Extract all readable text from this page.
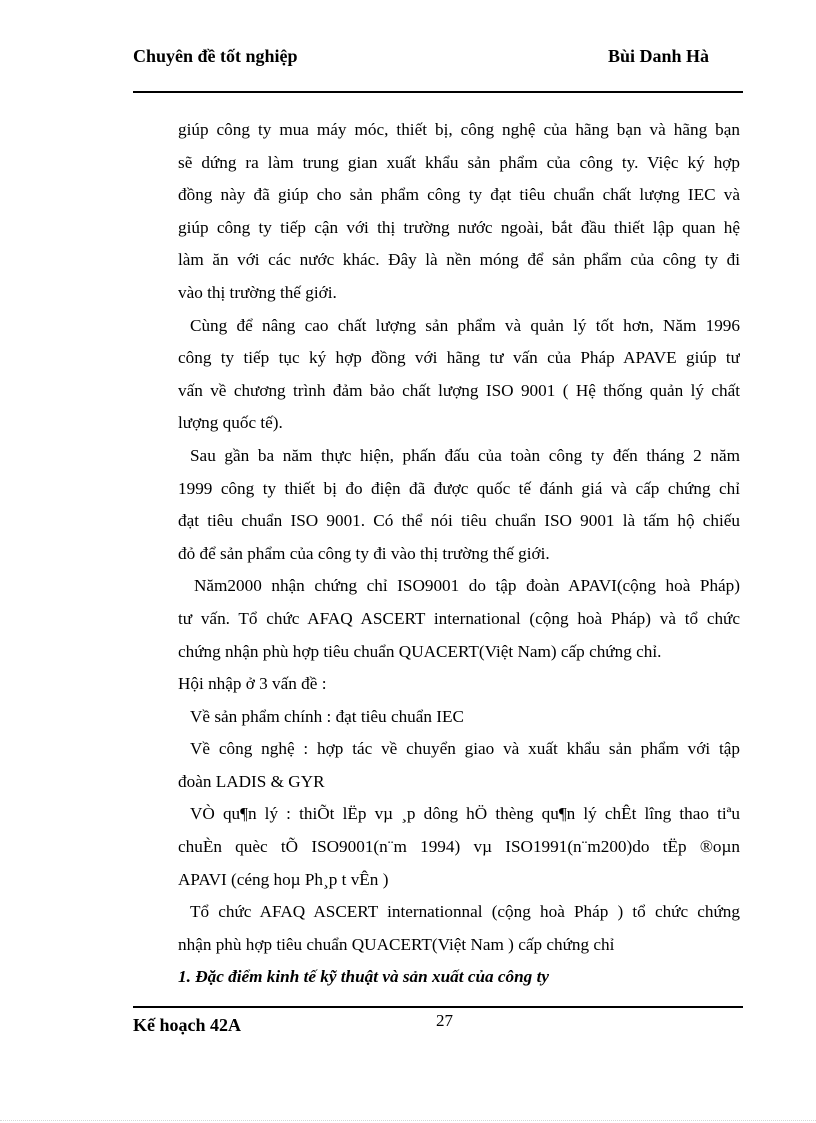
Chuyên đề tốt nghiệp	Bùi Danh Hà
giúp công ty mua máy móc, thiết bị, công nghệ của hãng bạn và hãng bạn
sẽ dứng ra làm trung gian xuất khẩu sản phẩm của công ty. Việc ký hợp
đồng này đã giúp cho sản phẩm công ty đạt tiêu chuẩn chất lượng IEC và
giúp công ty tiếp cận với thị trường nước ngoài, bắt đầu thiết lập quan hệ
làm ăn với các nước khác. Đây là nền móng để sản phẩm của công ty đi
vào thị trường thế giới.
Cùng để nâng cao chất lượng sản phẩm và quản lý tốt hơn, Năm 1996
công ty tiếp tục ký hợp đồng với hãng tư vấn của Pháp APAVE giúp tư
vấn về chương trình đảm bảo chất lượng ISO 9001 ( Hệ thống quản lý chất
lượng quốc tế).
Sau gần ba năm thực hiện, phấn đấu của toàn công ty đến tháng 2 năm
1999 công ty thiết bị đo điện đã được quốc tế đánh giá và cấp chứng chỉ
đạt tiêu chuẩn ISO 9001. Có thể nói tiêu chuẩn ISO 9001 là tấm hộ chiếu
đỏ để sản phẩm của công ty đi vào thị trường thế giới.
Năm2000 nhận chứng chỉ ISO9001 do tập đoàn APAVI(cộng hoà Pháp)
tư vấn. Tổ chức AFAQ ASCERT international (cộng hoà Pháp) và tổ chức
chứng nhận phù hợp tiêu chuẩn QUACERT(Việt Nam) cấp chứng chỉ.
Hội nhập ở 3 vấn đề :
Về sản phẩm chính : đạt tiêu chuẩn IEC
Về công nghệ : hợp tác về chuyển giao và xuất khẩu sản phẩm với tập
đoàn LADIS & GYR
VÒ qu¶n lý : thiÕt lËp vµ ¸p dông hÖ thèng qu¶n lý chÊt lîng thao tiªu
chuÈn quèc tÕ ISO9001(n¨m 1994) vµ ISO1991(n¨m200)do tËp ®oµn
APAVI (céng hoµ Ph¸p t vÊn )
Tổ chức AFAQ ASCERT internationnal (cộng hoà Pháp ) tổ chức chứng
nhận phù hợp tiêu chuẩn QUACERT(Việt Nam ) cấp chứng chỉ
1. Đặc điểm kinh tế kỹ thuật và sản xuất của công ty
Kế hoạch 42A	27
